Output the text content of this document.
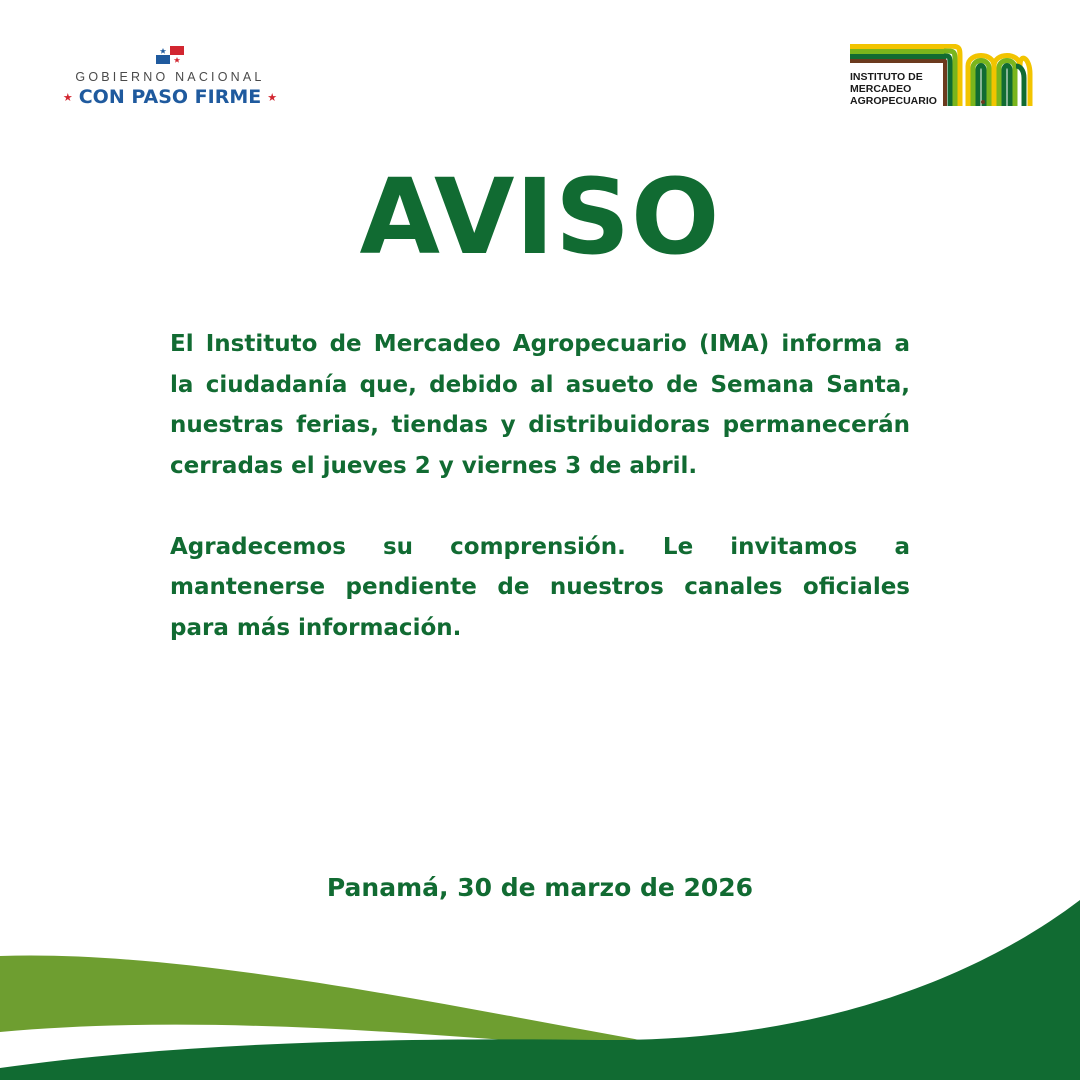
GOBIERNO NACIONAL
★ CON PASO FIRME ★
INSTITUTO DE
MERCADEO
AGROPECUARIO
AVISO

El Instituto de Mercadeo Agropecuario (IMA) informa a la ciudadanía que, debido al asueto de Semana Santa, nuestras ferias, tiendas y distribuidoras permanecerán cerradas el jueves 2 y viernes 3 de abril.

Agradecemos su comprensión. Le invitamos a mantenerse pendiente de nuestros canales oficiales para más información.

Panamá, 30 de marzo de 2026
